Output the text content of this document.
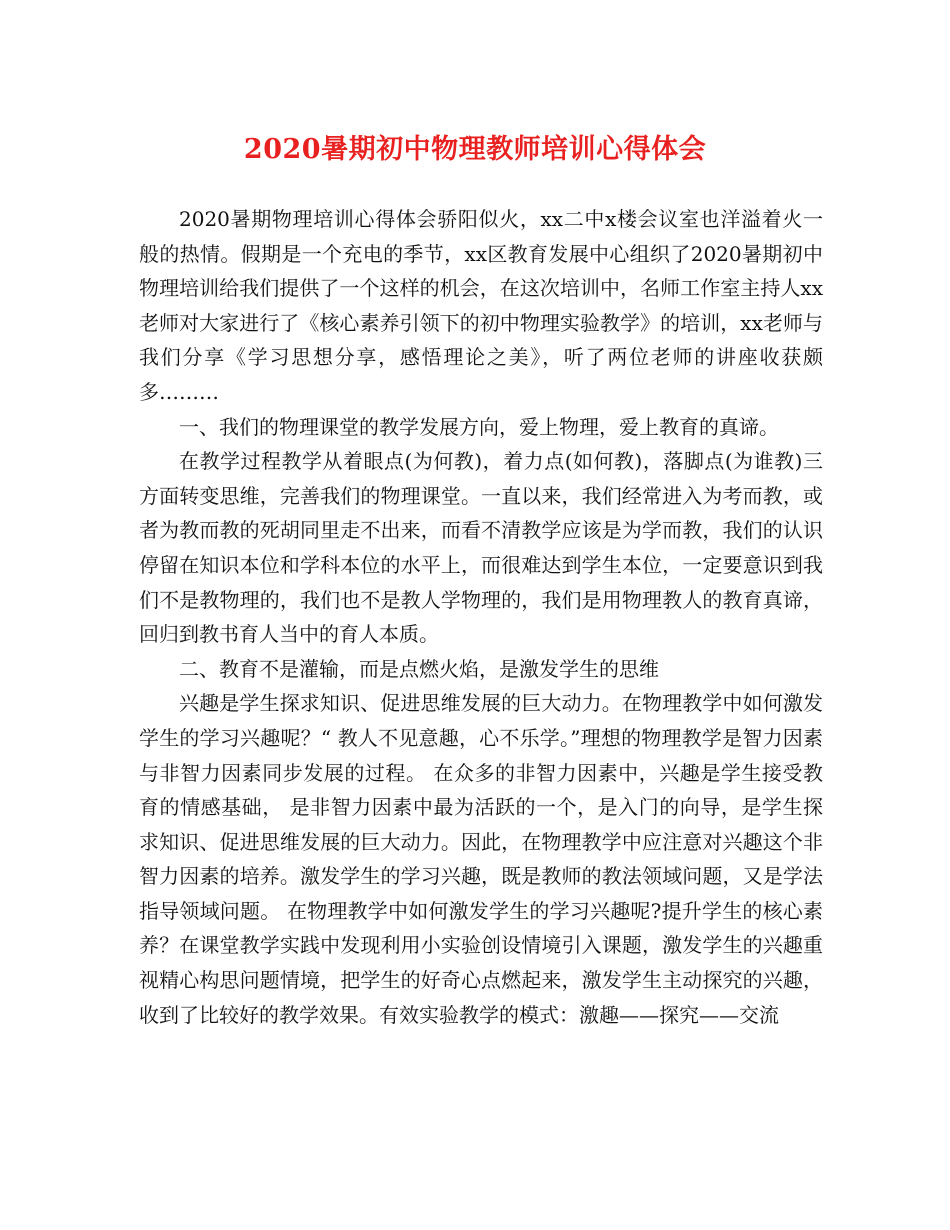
2020暑期初中物理教师培训心得体会

2020暑期物理培训心得体会骄阳似火，xx二中x楼会议室也洋溢着火一般的热情。假期是一个充电的季节，xx区教育发展中心组织了2020暑期初中物理培训给我们提供了一个这样的机会，在这次培训中，名师工作室主持人xx老师对大家进行了《核心素养引领下的初中物理实验教学》的培训，xx老师与我们分享《学习思想分享，感悟理论之美》，听了两位老师的讲座收获颇多………

一、我们的物理课堂的教学发展方向，爱上物理，爱上教育的真谛。

在教学过程教学从着眼点(为何教)，着力点(如何教)，落脚点(为谁教)三方面转变思维，完善我们的物理课堂。一直以来，我们经常进入为考而教，或者为教而教的死胡同里走不出来，而看不清教学应该是为学而教，我们的认识停留在知识本位和学科本位的水平上，而很难达到学生本位，一定要意识到我们不是教物理的，我们也不是教人学物理的，我们是用物理教人的教育真谛，回归到教书育人当中的育人本质。

二、教育不是灌输，而是点燃火焰，是激发学生的思维

兴趣是学生探求知识、促进思维发展的巨大动力。在物理教学中如何激发学生的学习兴趣呢？“ 教人不见意趣，心不乐学。”理想的物理教学是智力因素与非智力因素同步发展的过程。 在众多的非智力因素中，兴趣是学生接受教育的情感基础， 是非智力因素中最为活跃的一个，是入门的向导，是学生探求知识、促进思维发展的巨大动力。因此，在物理教学中应注意对兴趣这个非智力因素的培养。激发学生的学习兴趣，既是教师的教法领域问题，又是学法指导领域问题。 在物理教学中如何激发学生的学习兴趣呢?提升学生的核心素养？在课堂教学实践中发现利用小实验创设情境引入课题，激发学生的兴趣重视精心构思问题情境，把学生的好奇心点燃起来，激发学生主动探究的兴趣，收到了比较好的教学效果。有效实验教学的模式：激趣——探究——交流
